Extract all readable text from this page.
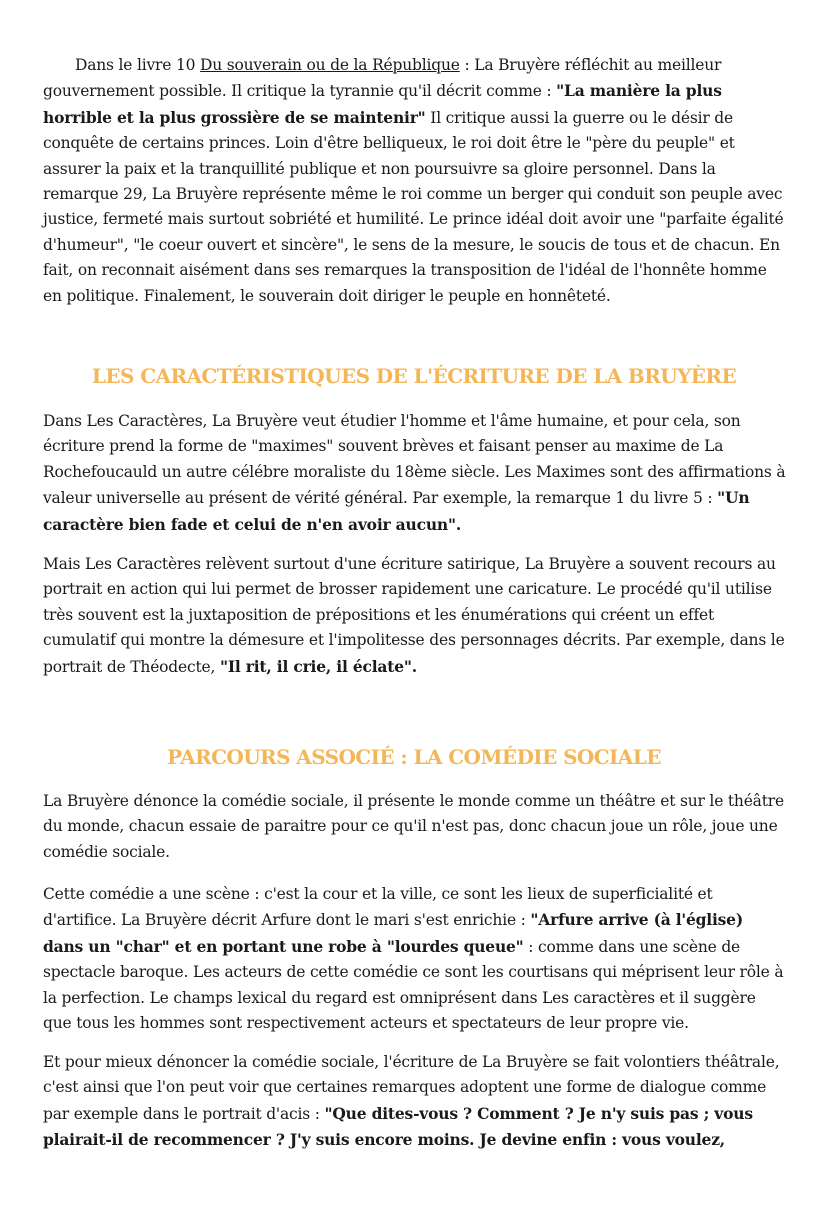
Dans le livre 10 Du souverain ou de la République : La Bruyère réfléchit au meilleur gouvernement possible. Il critique la tyrannie qu'il décrit comme : "La manière la plus horrible et la plus grossière de se maintenir" Il critique aussi la guerre ou le désir de conquête de certains princes. Loin d'être belliqueux, le roi doit être le "père du peuple" et assurer la paix et la tranquillité publique et non poursuivre sa gloire personnel. Dans la remarque 29, La Bruyère représente même le roi comme un berger qui conduit son peuple avec justice, fermeté mais surtout sobriété et humilité. Le prince idéal doit avoir une "parfaite égalité d'humeur", "le coeur ouvert et sincère", le sens de la mesure, le soucis de tous et de chacun. En fait, on reconnait aisément dans ses remarques la transposition de l'idéal de l'honnête homme en politique. Finalement, le souverain doit diriger le peuple en honnêteté.

LES CARACTÉRISTIQUES DE L'ÉCRITURE DE LA BRUYÈRE

Dans Les Caractères, La Bruyère veut étudier l'homme et l'âme humaine, et pour cela, son écriture prend la forme de "maximes" souvent brèves et faisant penser au maxime de La Rochefoucauld un autre célébre moraliste du 18ème siècle. Les Maximes sont des affirmations à valeur universelle au présent de vérité général. Par exemple, la remarque 1 du livre 5 : "Un caractère bien fade et celui de n'en avoir aucun".

Mais Les Caractères relèvent surtout d'une écriture satirique, La Bruyère a souvent recours au portrait en action qui lui permet de brosser rapidement une caricature. Le procédé qu'il utilise très souvent est la juxtaposition de prépositions et les énumérations qui créent un effet cumulatif qui montre la démesure et l'impolitesse des personnages décrits. Par exemple, dans le portrait de Théodecte, "Il rit, il crie, il éclate".

PARCOURS ASSOCIÉ : LA COMÉDIE SOCIALE

La Bruyère dénonce la comédie sociale, il présente le monde comme un théâtre et sur le théâtre du monde, chacun essaie de paraitre pour ce qu'il n'est pas, donc chacun joue un rôle, joue une comédie sociale.

Cette comédie a une scène : c'est la cour et la ville, ce sont les lieux de superficialité et d'artifice. La Bruyère décrit Arfure dont le mari s'est enrichie : "Arfure arrive (à l'église) dans un "char" et en portant une robe à "lourdes queue" : comme dans une scène de spectacle baroque. Les acteurs de cette comédie ce sont les courtisans qui méprisent leur rôle à la perfection. Le champs lexical du regard est omniprésent dans Les caractères et il suggère que tous les hommes sont respectivement acteurs et spectateurs de leur propre vie.

Et pour mieux dénoncer la comédie sociale, l'écriture de La Bruyère se fait volontiers théâtrale, c'est ainsi que l'on peut voir que certaines remarques adoptent une forme de dialogue comme par exemple dans le portrait d'acis : "Que dites-vous ? Comment ? Je n'y suis pas ; vous plairait-il de recommencer ? J'y suis encore moins. Je devine enfin : vous voulez,
